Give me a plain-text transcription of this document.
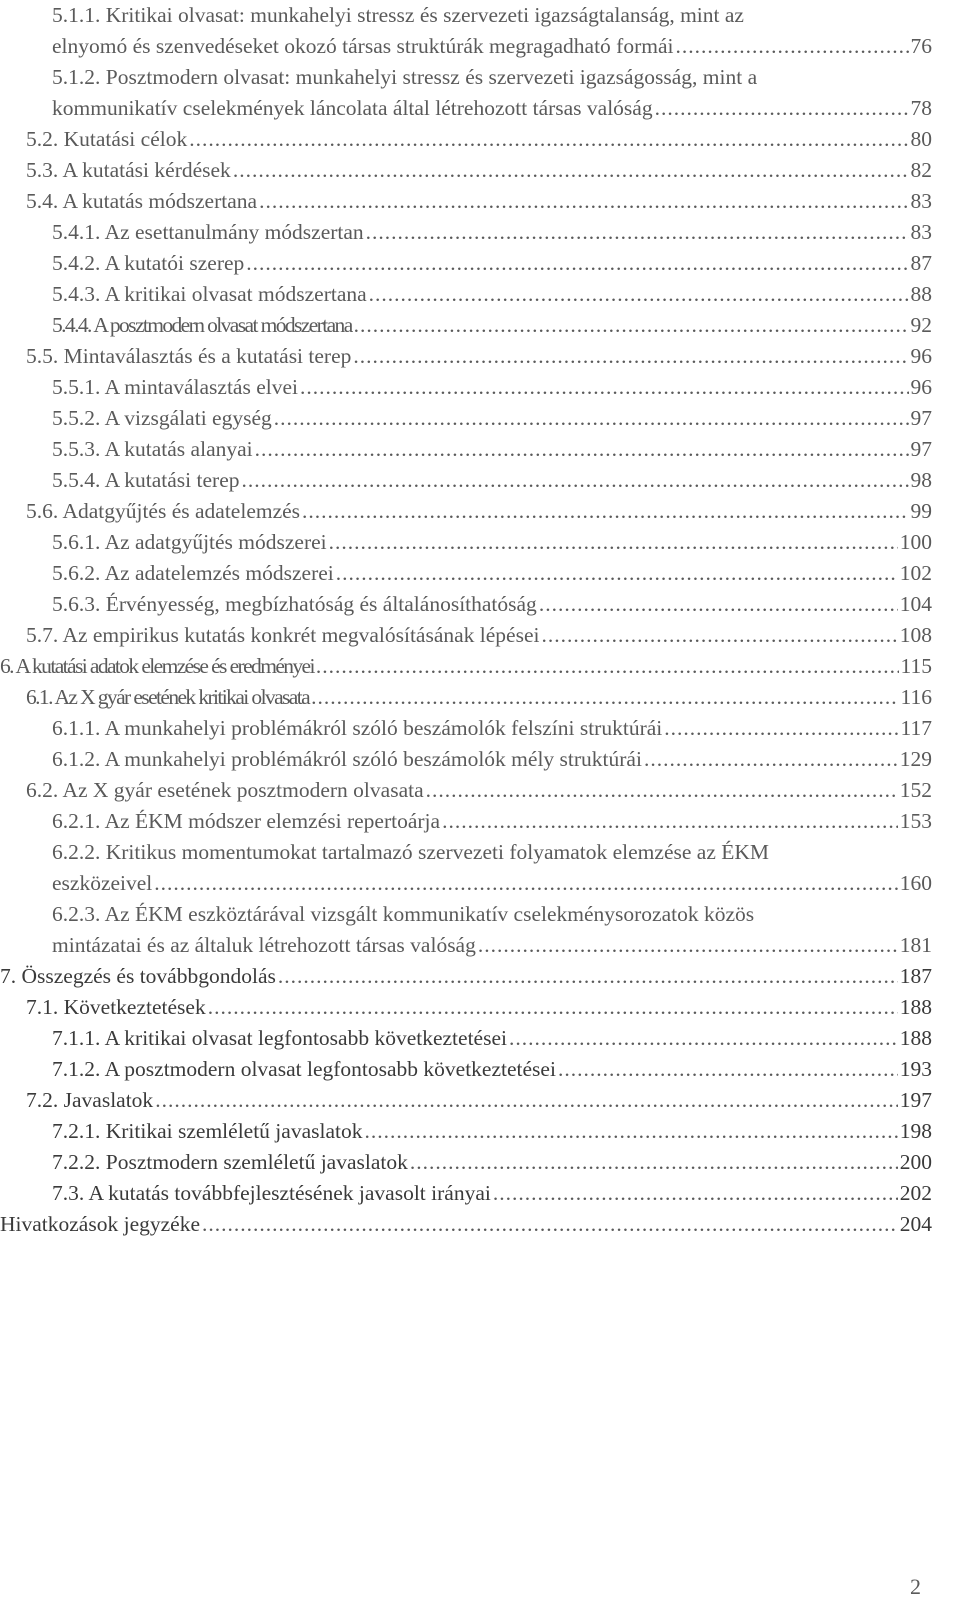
5.1.1. Kritikai olvasat: munkahelyi stressz és szervezeti igazságtalanság, mint az
elnyomó és szenvedéseket okozó társas struktúrák megragadható formái .....	76
5.1.2. Posztmodern olvasat: munkahelyi stressz és szervezeti igazságosság, mint a
kommunikatív cselekmények láncolata által létrehozott társas valóság .....	78
5.2. Kutatási célok .....	80
5.3. A kutatási kérdések .....	82
5.4. A kutatás módszertana .....	83
5.4.1. Az esettanulmány módszertan .....	83
5.4.2. A kutatói szerep .....	87
5.4.3. A kritikai olvasat módszertana .....	88
5.4.4. A posztmodern olvasat módszertana .....	92
5.5. Mintaválasztás és a kutatási terep .....	96
5.5.1. A mintaválasztás elvei .....	96
5.5.2. A vizsgálati egység .....	97
5.5.3. A kutatás alanyai .....	97
5.5.4. A kutatási terep .....	98
5.6. Adatgyűjtés és adatelemzés .....	99
5.6.1. Az adatgyűjtés módszerei .....	100
5.6.2. Az adatelemzés módszerei .....	102
5.6.3. Érvényesség, megbízhatóság és általánosíthatóság .....	104
5.7. Az empirikus kutatás konkrét megvalósításának lépései .....	108
6. A kutatási adatok elemzése és eredményei .....	115
6.1. Az X gyár esetének kritikai olvasata .....	116
6.1.1. A munkahelyi problémákról szóló beszámolók felszíni struktúrái .....	117
6.1.2. A munkahelyi problémákról szóló beszámolók mély struktúrái .....	129
6.2. Az X gyár esetének posztmodern olvasata .....	152
6.2.1. Az ÉKM módszer elemzési repertoárja .....	153
6.2.2. Kritikus momentumokat tartalmazó szervezeti folyamatok elemzése az ÉKM
eszközeivel .....	160
6.2.3. Az ÉKM eszköztárával vizsgált kommunikatív cselekménysorozatok közös
mintázatai és az általuk létrehozott társas valóság .....	181
7. Összegzés és továbbgondolás .....	187
7.1. Következtetések .....	188
7.1.1. A kritikai olvasat legfontosabb következtetései .....	188
7.1.2. A posztmodern olvasat legfontosabb következtetései .....	193
7.2. Javaslatok .....	197
7.2.1. Kritikai szemléletű javaslatok .....	198
7.2.2. Posztmodern szemléletű javaslatok .....	200
7.3. A kutatás továbbfejlesztésének javasolt irányai .....	202
Hivatkozások jegyzéke .....	204
2
